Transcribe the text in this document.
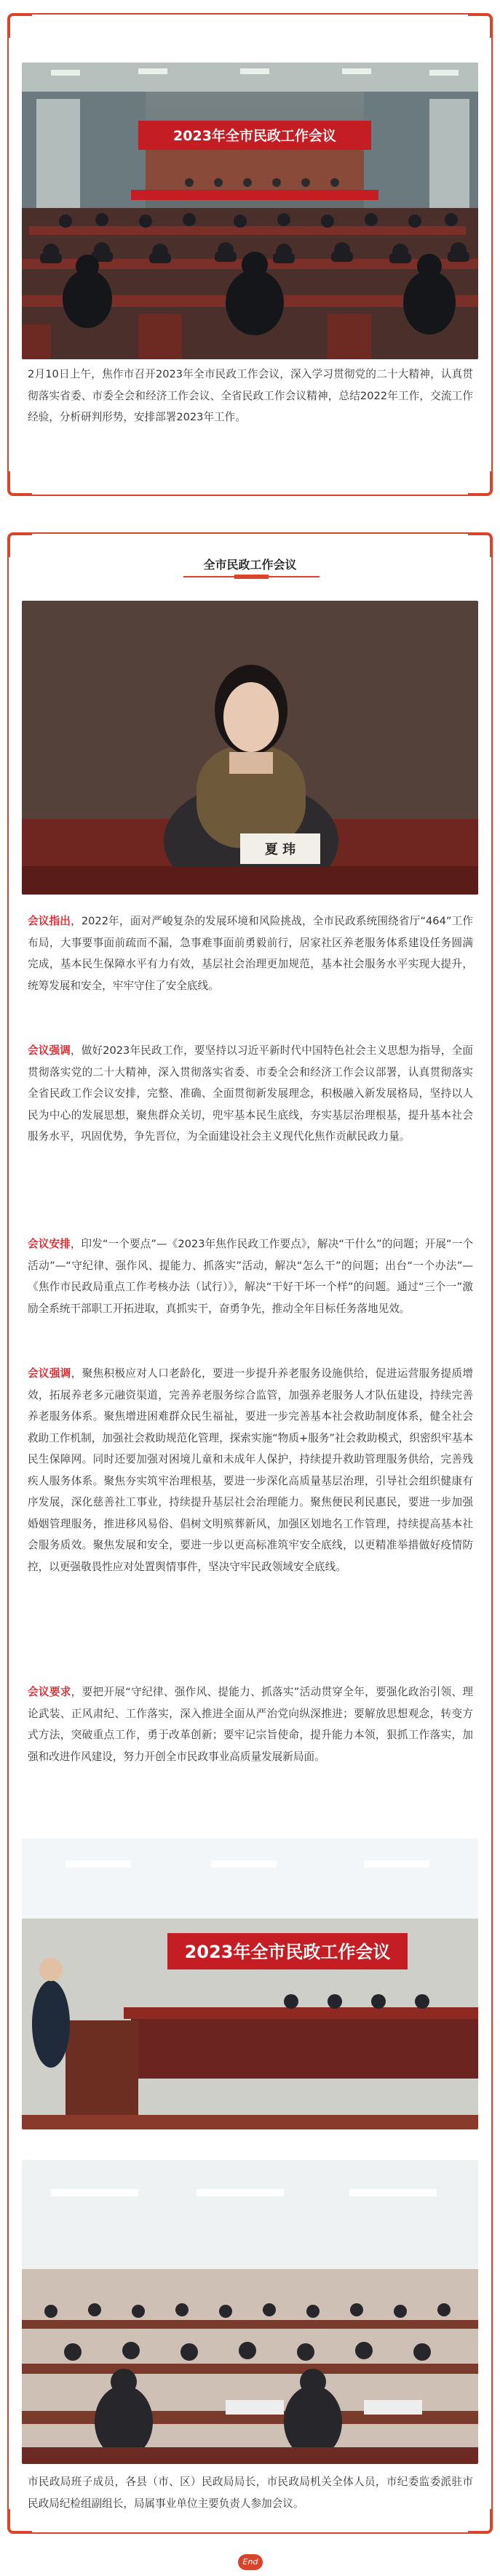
2023年全市民政工作会议

2月10日上午，焦作市召开2023年全市民政工作会议，深入学习贯彻党的二十大精神，认真贯彻落实省委、市委全会和经济工作会议、全省民政工作会议精神，总结2022年工作，交流工作经验，分析研判形势，安排部署2023年工作。

全市民政工作会议
夏 玮

会议指出，2022年，面对严峻复杂的发展环境和风险挑战，全市民政系统围绕省厅“464”工作布局，大事要事面前疏而不漏，急事难事面前勇毅前行，居家社区养老服务体系建设任务圆满完成，基本民生保障水平有力有效，基层社会治理更加规范，基本社会服务水平实现大提升，统筹发展和安全，牢牢守住了安全底线。

会议强调，做好2023年民政工作，要坚持以习近平新时代中国特色社会主义思想为指导，全面贯彻落实党的二十大精神，深入贯彻落实省委、市委全会和经济工作会议部署，认真贯彻落实全省民政工作会议安排，完整、准确、全面贯彻新发展理念，积极融入新发展格局，坚持以人民为中心的发展思想，聚焦群众关切，兜牢基本民生底线，夯实基层治理根基，提升基本社会服务水平，巩固优势，争先晋位，为全面建设社会主义现代化焦作贡献民政力量。

会议安排，印发“一个要点”—《2023年焦作民政工作要点》，解决“干什么”的问题；开展“一个活动”—“守纪律、强作风、提能力、抓落实”活动，解决“怎么干”的问题；出台“一个办法”—《焦作市民政局重点工作考核办法（试行）》，解决“干好干坏一个样”的问题。通过“三个一”激励全系统干部职工开拓进取，真抓实干，奋勇争先，推动全年目标任务落地见效。

会议强调，聚焦积极应对人口老龄化，要进一步提升养老服务设施供给，促进运营服务提质增效，拓展养老多元融资渠道，完善养老服务综合监管，加强养老服务人才队伍建设，持续完善养老服务体系。聚焦增进困难群众民生福祉，要进一步完善基本社会救助制度体系，健全社会救助工作机制，加强社会救助规范化管理，探索实施“物质+服务”社会救助模式，织密织牢基本民生保障网。同时还要加强对困境儿童和未成年人保护，持续提升救助管理服务供给，完善残疾人服务体系。聚焦夯实筑牢治理根基，要进一步深化高质量基层治理，引导社会组织健康有序发展，深化慈善社工事业，持续提升基层社会治理能力。聚焦便民利民惠民，要进一步加强婚姻管理服务，推进移风易俗、倡树文明殡葬新风，加强区划地名工作管理，持续提高基本社会服务质效。聚焦发展和安全，要进一步以更高标准筑牢安全底线，以更精准举措做好疫情防控，以更强敬畏性应对处置舆情事件，坚决守牢民政领域安全底线。

会议要求，要把开展“守纪律、强作风、提能力、抓落实”活动贯穿全年，要强化政治引领、理论武装、正风肃纪、工作落实，深入推进全面从严治党向纵深推进；要解放思想观念，转变方式方法，突破重点工作，勇于改革创新；要牢记宗旨使命，提升能力本领，狠抓工作落实，加强和改进作风建设，努力开创全市民政事业高质量发展新局面。

2023年全市民政工作会议

市民政局班子成员，各县（市、区）民政局局长，市民政局机关全体人员，市纪委监委派驻市民政局纪检组副组长，局属事业单位主要负责人参加会议。

End
